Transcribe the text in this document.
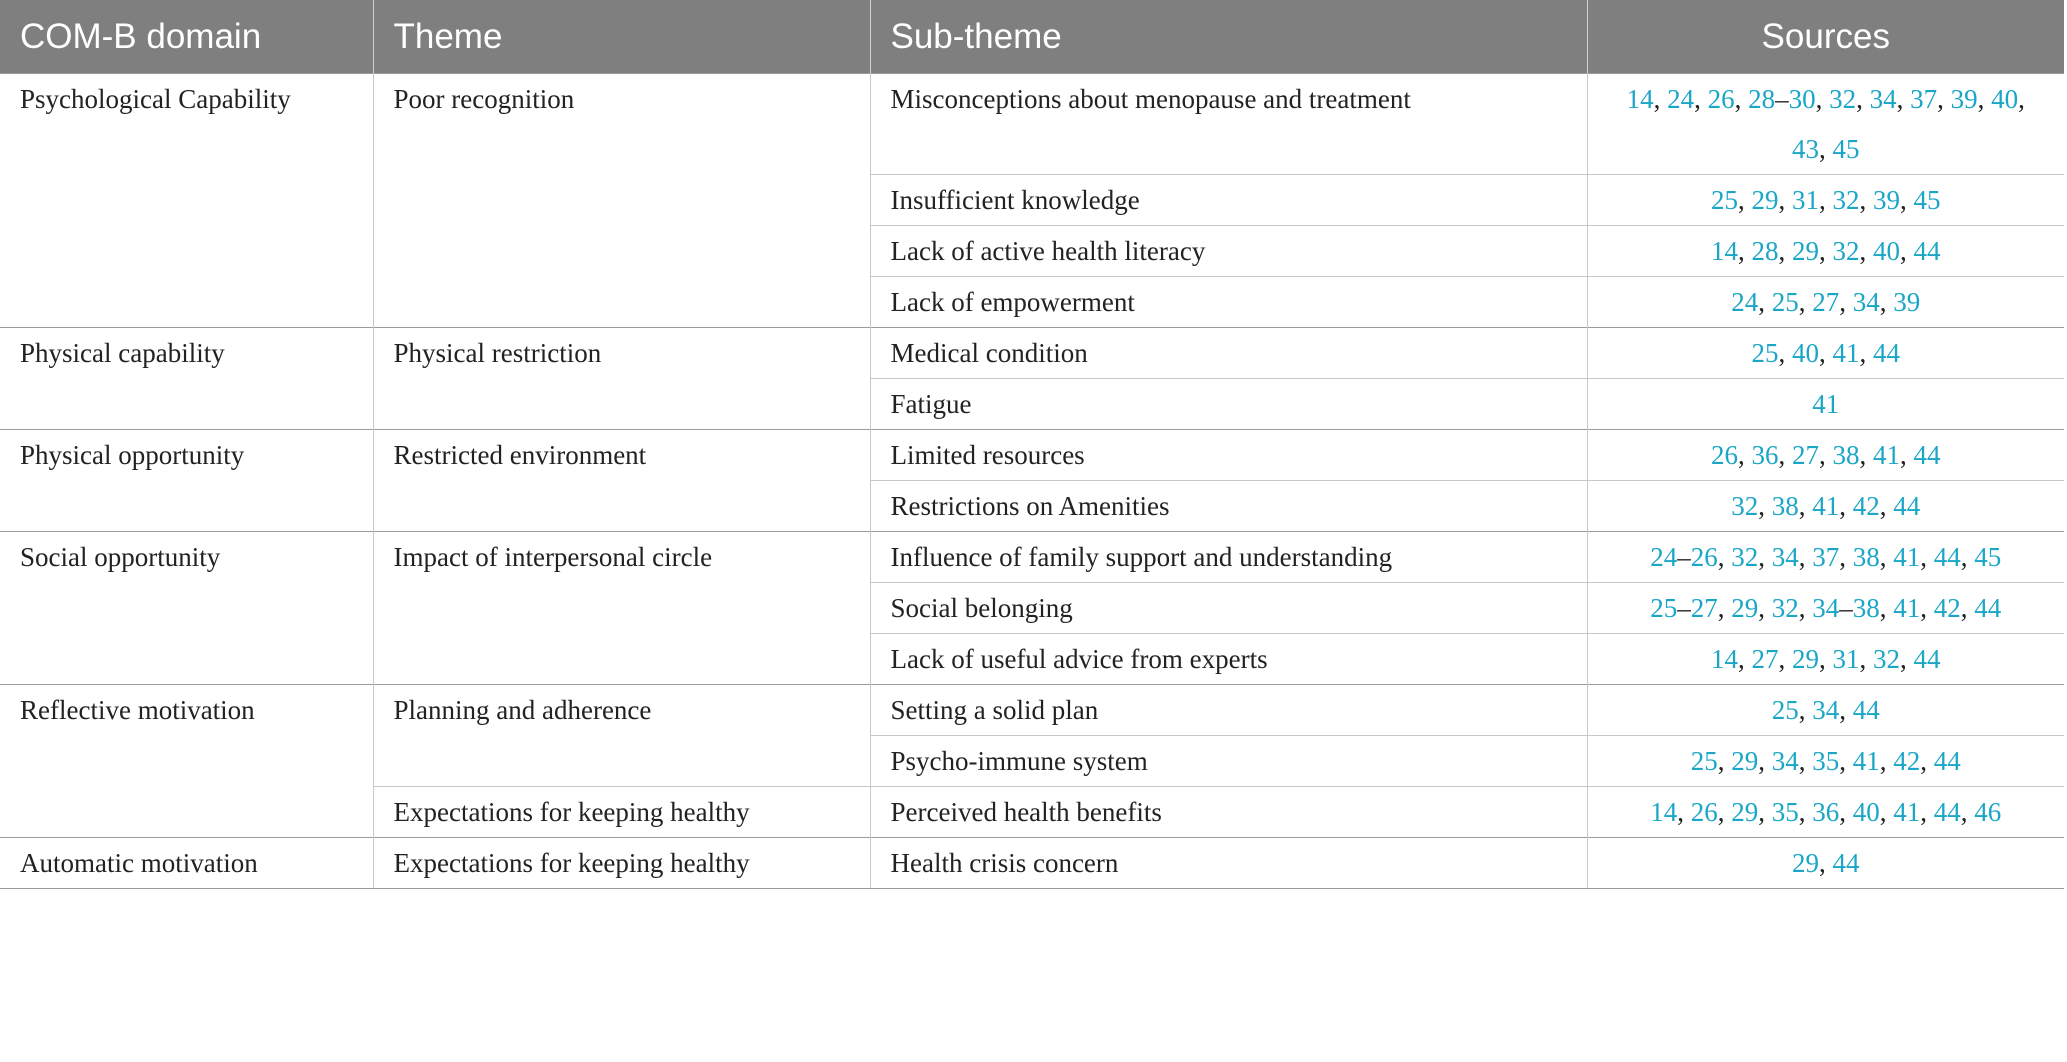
COM-B domain	Theme	Sub-theme	Sources
Psychological Capability	Poor recognition	Misconceptions about menopause and treatment	14, 24, 26, 28–30, 32, 34, 37, 39, 40, 43, 45
		Insufficient knowledge	25, 29, 31, 32, 39, 45
		Lack of active health literacy	14, 28, 29, 32, 40, 44
		Lack of empowerment	24, 25, 27, 34, 39
Physical capability	Physical restriction	Medical condition	25, 40, 41, 44
		Fatigue	41
Physical opportunity	Restricted environment	Limited resources	26, 36, 27, 38, 41, 44
		Restrictions on Amenities	32, 38, 41, 42, 44
Social opportunity	Impact of interpersonal circle	Influence of family support and understanding	24–26, 32, 34, 37, 38, 41, 44, 45
		Social belonging	25–27, 29, 32, 34–38, 41, 42, 44
		Lack of useful advice from experts	14, 27, 29, 31, 32, 44
Reflective motivation	Planning and adherence	Setting a solid plan	25, 34, 44
		Psycho-immune system	25, 29, 34, 35, 41, 42, 44
	Expectations for keeping healthy	Perceived health benefits	14, 26, 29, 35, 36, 40, 41, 44, 46
Automatic motivation	Expectations for keeping healthy	Health crisis concern	29, 44
